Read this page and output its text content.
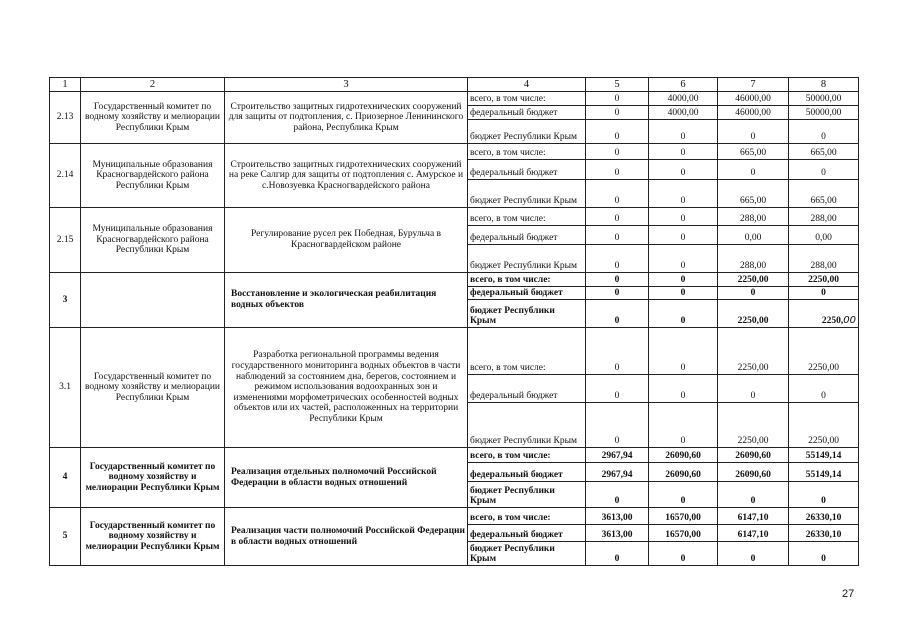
1	2	3	4	5	6	7	8
2.13	Государственный комитет по водному хозяйству и мелиорации Республики Крым	Строительство защитных гидротехнических сооружений для защиты от подтопления, с. Приозерное Ленининского района, Республика Крым	всего, в том числе:	0	4000,00	46000,00	50000,00
			федеральный бюджет	0	4000,00	46000,00	50000,00
			бюджет Республики Крым	0	0	0	0
2.14	Муниципальные образования Красногвардейского района Республики Крым	Строительство защитных гидротехнических сооружений на реке Салгир для защиты от подтопления с. Амурское и с.Новозуевка Красногвардейского района	всего, в том числе:	0	0	665,00	665,00
			федеральный бюджет	0	0	0	0
			бюджет Республики Крым	0	0	665,00	665,00
2.15	Муниципальные образования Красногвардейского района Республики Крым	Регулирование русел рек Победная, Бурульча в Красногвардейском районе	всего, в том числе:	0	0	288,00	288,00
			федеральный бюджет	0	0	0,00	0,00
			бюджет Республики Крым	0	0	288,00	288,00
3		Восстановление и экологическая реабилитация водных объектов	всего, в том числе:	0	0	2250,00	2250,00
			федеральный бюджет	0	0	0	0
			бюджет Республики Крым	0	0	2250,00	2250,00
3.1	Государственный комитет по водному хозяйству и мелиорации Республики Крым	Разработка региональной программы ведения государственного мониторинга водных объектов в части наблюдений за состоянием дна, берегов, состоянием и режимом использования водоохранных зон и изменениями морфометрических особенностей водных объектов или их частей, расположенных на территории Республики Крым	всего, в том числе:	0	0	2250,00	2250,00
			федеральный бюджет	0	0	0	0
			бюджет Республики Крым	0	0	2250,00	2250,00
4	Государственный комитет по водному хозяйству и мелиорации Республики Крым	Реализация отдельных полномочий Российской Федерации в области водных отношений	всего, в том числе:	2967,94	26090,60	26090,60	55149,14
			федеральный бюджет	2967,94	26090,60	26090,60	55149,14
			бюджет Республики Крым	0	0	0	0
5	Государственный комитет по водному хозяйству и мелиорации Республики Крым	Реализация части полномочий Российской Федерации в области водных отношений	всего, в том числе:	3613,00	16570,00	6147,10	26330,10
			федеральный бюджет	3613,00	16570,00	6147,10	26330,10
			бюджет Республики Крым	0	0	0	0
27
